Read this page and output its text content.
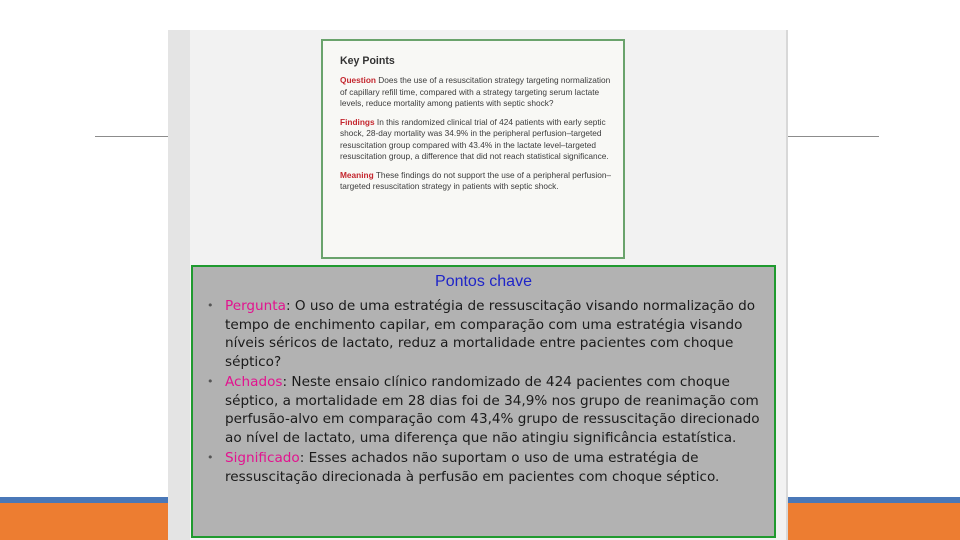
Key Points

Question Does the use of a resuscitation strategy targeting normalization of capillary refill time, compared with a strategy targeting serum lactate levels, reduce mortality among patients with septic shock?

Findings In this randomized clinical trial of 424 patients with early septic shock, 28-day mortality was 34.9% in the peripheral perfusion–targeted resuscitation group compared with 43.4% in the lactate level–targeted resuscitation group, a difference that did not reach statistical significance.

Meaning These findings do not support the use of a peripheral perfusion–targeted resuscitation strategy in patients with septic shock.

Pontos chave
• Pergunta: O uso de uma estratégia de ressuscitação visando normalização do tempo de enchimento capilar, em comparação com uma estratégia visando níveis séricos de lactato, reduz a mortalidade entre pacientes com choque séptico?
• Achados: Neste ensaio clínico randomizado de 424 pacientes com choque séptico, a mortalidade em 28 dias foi de 34,9% nos grupo de reanimação com perfusão-alvo em comparação com 43,4% grupo de ressuscitação direcionado ao nível de lactato, uma diferença que não atingiu significância estatística.
• Significado: Esses achados não suportam o uso de uma estratégia de ressuscitação direcionada à perfusão em pacientes com choque séptico.
